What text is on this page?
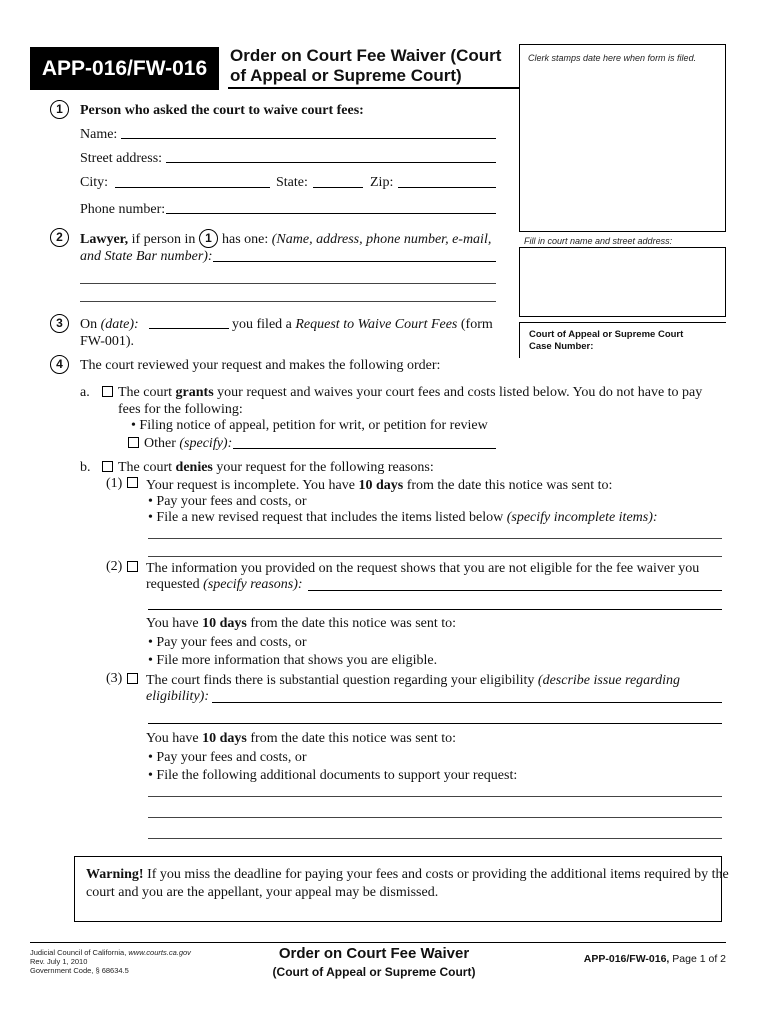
APP-016/FW-016
Order on Court Fee Waiver (Court
of Appeal or Supreme Court)
Clerk stamps date here when form is filed.
Fill in court name and street address:
Court of Appeal or Supreme Court
Case Number:
1	Person who asked the court to waive court fees:
Name:
Street address:
City:	State:	Zip:
Phone number:
2	Lawyer, if person in 1 has one: (Name, address, phone number, e-mail,
and State Bar number):
3	On (date):	you filed a Request to Waive Court Fees (form
FW-001).
4	The court reviewed your request and makes the following order:
a. The court grants your request and waives your court fees and costs listed below. You do not have to pay
fees for the following:
• Filing notice of appeal, petition for writ, or petition for review
Other (specify):
b. The court denies your request for the following reasons:
(1) Your request is incomplete. You have 10 days from the date this notice was sent to:
• Pay your fees and costs, or
• File a new revised request that includes the items listed below (specify incomplete items):
(2) The information you provided on the request shows that you are not eligible for the fee waiver you
requested (specify reasons):
You have 10 days from the date this notice was sent to:
• Pay your fees and costs, or
• File more information that shows you are eligible.
(3) The court finds there is substantial question regarding your eligibility (describe issue regarding
eligibility):
You have 10 days from the date this notice was sent to:
• Pay your fees and costs, or
• File the following additional documents to support your request:
Warning! If you miss the deadline for paying your fees and costs or providing the additional items required by the
court and you are the appellant, your appeal may be dismissed.
Judicial Council of California, www.courts.ca.gov
Rev. July 1, 2010
Government Code, § 68634.5
Order on Court Fee Waiver
(Court of Appeal or Supreme Court)
APP-016/FW-016, Page 1 of 2
